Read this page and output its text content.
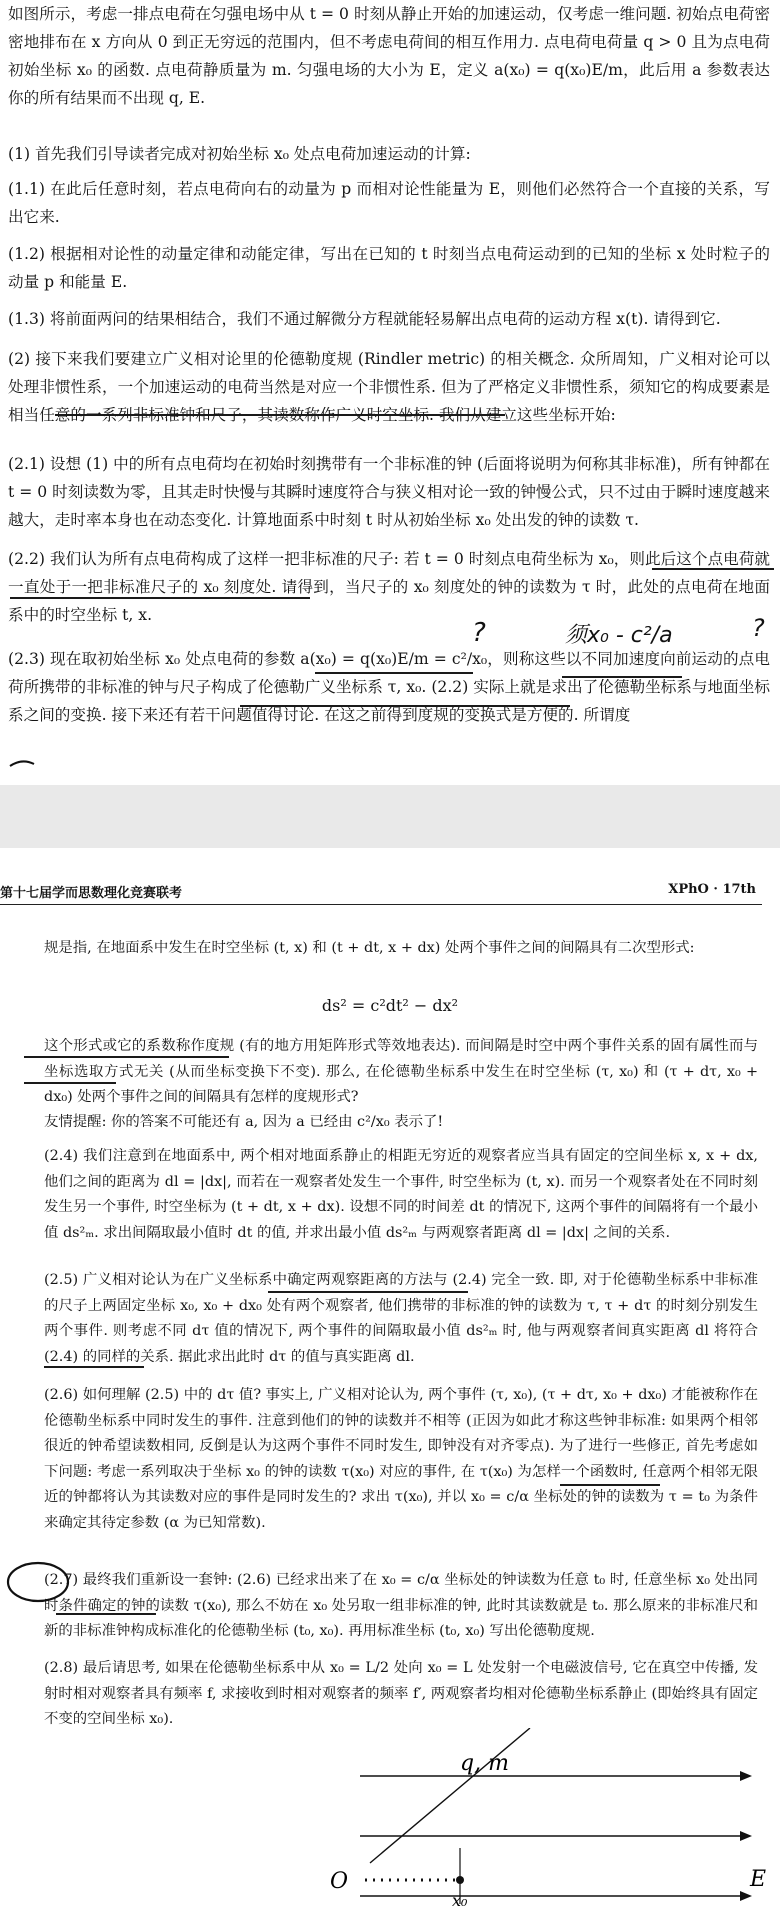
如图所示，考虑一排点电荷在匀强电场中从 t = 0 时刻从静止开始的加速运动，仅考虑一维问题. 初始点电荷密密地排布在 x 方向从 0 到正无穷远的范围内，但不考虑电荷间的相互作用力. 点电荷电荷量 q > 0 且为点电荷初始坐标 x₀ 的函数. 点电荷静质量为 m. 匀强电场的大小为 E，定义 a(x₀) = q(x₀)E/m，此后用 a 参数表达你的所有结果而不出现 q, E.

(1) 首先我们引导读者完成对初始坐标 x₀ 处点电荷加速运动的计算:

(1.1) 在此后任意时刻，若点电荷向右的动量为 p 而相对论性能量为 E，则他们必然符合一个直接的关系，写出它来.

(1.2) 根据相对论性的动量定律和动能定律，写出在已知的 t 时刻当点电荷运动到的已知的坐标 x 处时粒子的动量 p 和能量 E.

(1.3) 将前面两问的结果相结合，我们不通过解微分方程就能轻易解出点电荷的运动方程 x(t). 请得到它.

(2) 接下来我们要建立广义相对论里的伦德勒度规 (Rindler metric) 的相关概念. 众所周知，广义相对论可以处理非惯性系，一个加速运动的电荷当然是对应一个非惯性系. 但为了严格定义非惯性系，须知它的构成要素是相当任意的一系列非标准钟和尺子，其读数称作广义时空坐标. 我们从建立这些坐标开始:

(2.1) 设想 (1) 中的所有点电荷均在初始时刻携带有一个非标准的钟 (后面将说明为何称其非标准)，所有钟都在 t = 0 时刻读数为零，且其走时快慢与其瞬时速度符合与狭义相对论一致的钟慢公式，只不过由于瞬时速度越来越大，走时率本身也在动态变化. 计算地面系中时刻 t 时从初始坐标 x₀ 处出发的钟的读数 τ.

(2.2) 我们认为所有点电荷构成了这样一把非标准的尺子: 若 t = 0 时刻点电荷坐标为 x₀，则此后这个点电荷就一直处于一把非标准尺子的 x₀ 刻度处. 请得到，当尺子的 x₀ 刻度处的钟的读数为 τ 时，此处的点电荷在地面系中的时空坐标 t, x.

(2.3) 现在取初始坐标 x₀ 处点电荷的参数 a(x₀) = q(x₀)E/m = c²/x₀，则称这些以不同加速度向前运动的点电荷所携带的非标准的钟与尺子构成了伦德勒广义坐标系 τ, x₀. (2.2) 实际上就是求出了伦德勒坐标系与地面坐标系之间的变换. 接下来还有若干问题值得讨论. 在这之前得到度规的变换式是方便的. 所谓度

?	须x₀ - c²/a	?
第十七届学而思数理化竞赛联考	XPhO · 17th

规是指, 在地面系中发生在时空坐标 (t, x) 和 (t + dt, x + dx) 处两个事件之间的间隔具有二次型形式:

ds² = c²dt² − dx²

这个形式或它的系数称作度规 (有的地方用矩阵形式等效地表达). 而间隔是时空中两个事件关系的固有属性而与坐标选取方式无关 (从而坐标变换下不变). 那么, 在伦德勒坐标系中发生在时空坐标 (τ, x₀) 和 (τ + dτ, x₀ + dx₀) 处两个事件之间的间隔具有怎样的度规形式?

友情提醒: 你的答案不可能还有 a, 因为 a 已经由 c²/x₀ 表示了!

(2.4) 我们注意到在地面系中, 两个相对地面系静止的相距无穷近的观察者应当具有固定的空间坐标 x, x + dx, 他们之间的距离为 dl = |dx|, 而若在一观察者处发生一个事件, 时空坐标为 (t, x). 而另一个观察者处在不同时刻发生另一个事件, 时空坐标为 (t + dt, x + dx). 设想不同的时间差 dt 的情况下, 这两个事件的间隔将有一个最小值 ds²ₘ. 求出间隔取最小值时 dt 的值, 并求出最小值 ds²ₘ 与两观察者距离 dl = |dx| 之间的关系.

(2.5) 广义相对论认为在广义坐标系中确定两观察距离的方法与 (2.4) 完全一致. 即, 对于伦德勒坐标系中非标准的尺子上两固定坐标 x₀, x₀ + dx₀ 处有两个观察者, 他们携带的非标准的钟的读数为 τ, τ + dτ 的时刻分别发生两个事件. 则考虑不同 dτ 值的情况下, 两个事件的间隔取最小值 ds²ₘ 时, 他与两观察者间真实距离 dl 将符合 (2.4) 的同样的关系. 据此求出此时 dτ 的值与真实距离 dl.

(2.6) 如何理解 (2.5) 中的 dτ 值? 事实上, 广义相对论认为, 两个事件 (τ, x₀), (τ + dτ, x₀ + dx₀) 才能被称作在伦德勒坐标系中同时发生的事件. 注意到他们的钟的读数并不相等 (正因为如此才称这些钟非标准: 如果两个相邻很近的钟希望读数相同, 反倒是认为这两个事件不同时发生, 即钟没有对齐零点). 为了进行一些修正, 首先考虑如下问题: 考虑一系列取决于坐标 x₀ 的钟的读数 τ(x₀) 对应的事件, 在 τ(x₀) 为怎样一个函数时, 任意两个相邻无限近的钟都将认为其读数对应的事件是同时发生的? 求出 τ(x₀), 并以 x₀ = c/α 坐标处的钟的读数为 τ = t₀ 为条件来确定其待定参数 (α 为已知常数).

(2.7) 最终我们重新设一套钟: (2.6) 已经求出来了在 x₀ = c/α 坐标处的钟读数为任意 t₀ 时, 任意坐标 x₀ 处出同时条件确定的钟的读数 τ(x₀), 那么不妨在 x₀ 处另取一组非标准的钟, 此时其读数就是 t₀. 那么原来的非标准尺和新的非标准钟构成标准化的伦德勒坐标 (t₀, x₀). 再用标准坐标 (t₀, x₀) 写出伦德勒度规.

(2.8) 最后请思考, 如果在伦德勒坐标系中从 x₀ = L/2 处向 x₀ = L 处发射一个电磁波信号, 它在真空中传播, 发射时相对观察者具有频率 f, 求接收到时相对观察者的频率 f′, 两观察者均相对伦德勒坐标系静止 (即始终具有固定不变的空间坐标 x₀).

q, m
O	E
x₀
